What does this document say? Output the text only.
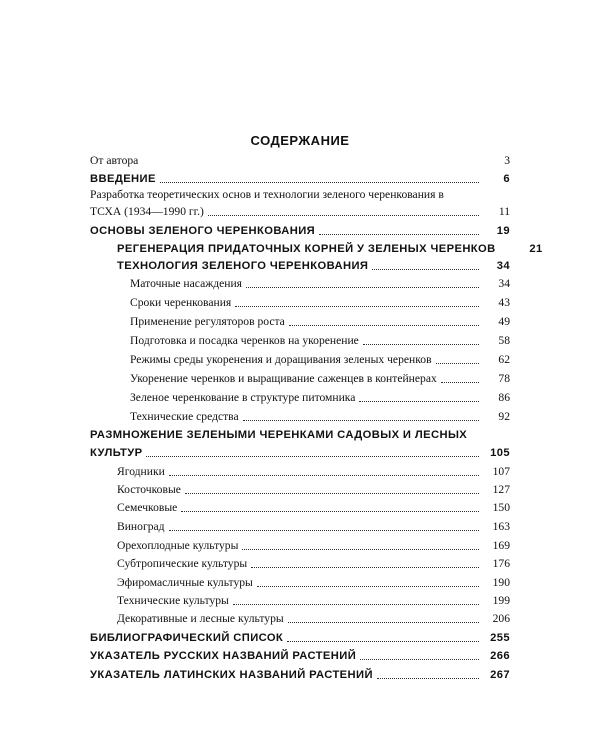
СОДЕРЖАНИЕ
От автора	3
ВВЕДЕНИЕ	6
Разработка теоретических основ и технологии зеленого черенкования в
ТСХА (1934—1990 гг.)	11
ОСНОВЫ ЗЕЛЕНОГО ЧЕРЕНКОВАНИЯ	19
РЕГЕНЕРАЦИЯ ПРИДАТОЧНЫХ КОРНЕЙ У ЗЕЛЕНЫХ ЧЕРЕНКОВ	21
ТЕХНОЛОГИЯ ЗЕЛЕНОГО ЧЕРЕНКОВАНИЯ	34
Маточные насаждения	34
Сроки черенкования	43
Применение регуляторов роста	49
Подготовка и посадка черенков на укоренение	58
Режимы среды укоренения и доращивания зеленых черенков	62
Укоренение черенков и выращивание саженцев в контейнерах	78
Зеленое черенкование в структуре питомника	86
Технические средства	92
РАЗМНОЖЕНИЕ ЗЕЛЕНЫМИ ЧЕРЕНКАМИ САДОВЫХ И ЛЕСНЫХ
КУЛЬТУР	105
Ягодники	107
Косточковые	127
Семечковые	150
Виноград	163
Орехоплодные культуры	169
Субтропические культуры	176
Эфиромасличные культуры	190
Технические культуры	199
Декоративные и лесные культуры	206
БИБЛИОГРАФИЧЕСКИЙ СПИСОК	255
УКАЗАТЕЛЬ РУССКИХ НАЗВАНИЙ РАСТЕНИЙ	266
УКАЗАТЕЛЬ ЛАТИНСКИХ НАЗВАНИЙ РАСТЕНИЙ	267
